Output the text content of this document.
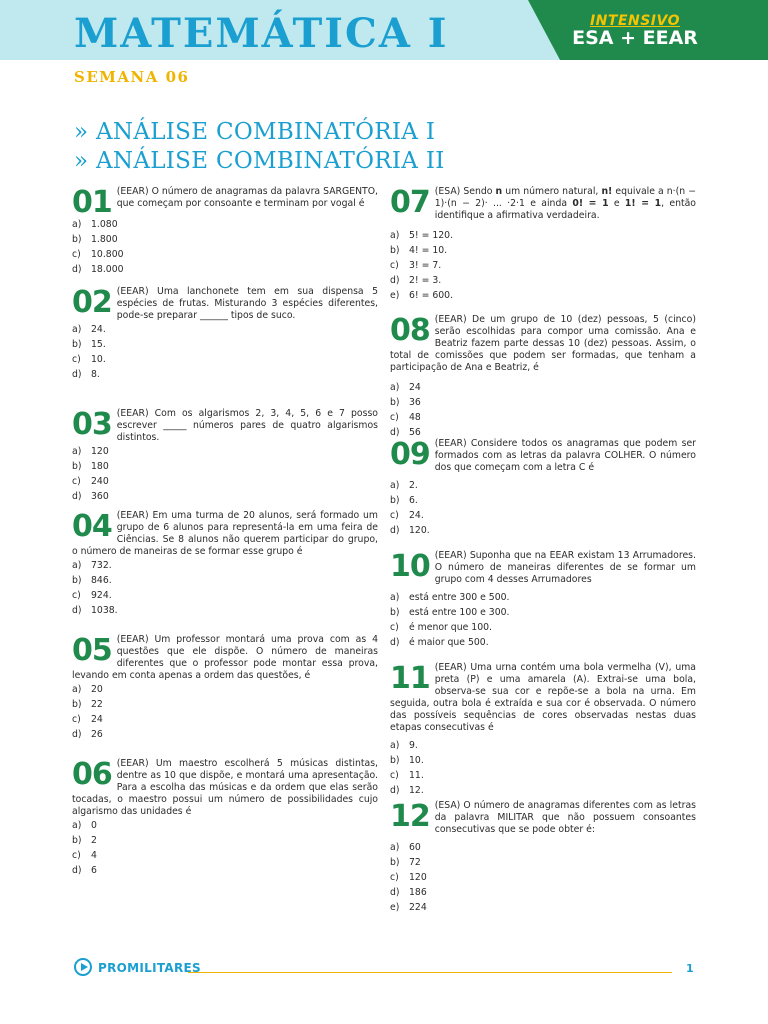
INTENSIVO
ESA + EEAR
MATEMÁTICA I
SEMANA 06
» ANÁLISE COMBINATÓRIA I
» ANÁLISE COMBINATÓRIA II
01 (EEAR) O número de anagramas da palavra SARGENTO, que começam por consoante e terminam por vogal é
a) 1.080
b) 1.800
c) 10.800
d) 18.000
02 (EEAR) Uma lanchonete tem em sua dispensa 5 espécies de frutas. Misturando 3 espécies diferentes, pode-se preparar ______ tipos de suco.
a) 24.
b) 15.
c) 10.
d) 8.
03 (EEAR) Com os algarismos 2, 3, 4, 5, 6 e 7 posso escrever _____ números pares de quatro algarismos distintos.
a) 120
b) 180
c) 240
d) 360
04 (EEAR) Em uma turma de 20 alunos, será formado um grupo de 6 alunos para representá-la em uma feira de Ciências. Se 8 alunos não querem participar do grupo, o número de maneiras de se formar esse grupo é
a) 732.
b) 846.
c) 924.
d) 1038.
05 (EEAR) Um professor montará uma prova com as 4 questões que ele dispõe. O número de maneiras diferentes que o professor pode montar essa prova, levando em conta apenas a ordem das questões, é
a) 20
b) 22
c) 24
d) 26
06 (EEAR) Um maestro escolherá 5 músicas distintas, dentre as 10 que dispõe, e montará uma apresentação. Para a escolha das músicas e da ordem que elas serão tocadas, o maestro possui um número de possibilidades cujo algarismo das unidades é
a) 0
b) 2
c) 4
d) 6
07 (ESA) Sendo n um número natural, n! equivale a n·(n − 1)·(n − 2)· ... ·2·1 e ainda 0! = 1 e 1! = 1, então identifique a afirmativa verdadeira.
a) 5! = 120.
b) 4! = 10.
c) 3! = 7.
d) 2! = 3.
e) 6! = 600.
08 (EEAR) De um grupo de 10 (dez) pessoas, 5 (cinco) serão escolhidas para compor uma comissão. Ana e Beatriz fazem parte dessas 10 (dez) pessoas. Assim, o total de comissões que podem ser formadas, que tenham a participação de Ana e Beatriz, é
a) 24
b) 36
c) 48
d) 56
09 (EEAR) Considere todos os anagramas que podem ser formados com as letras da palavra COLHER. O número dos que começam com a letra C é
a) 2.
b) 6.
c) 24.
d) 120.
10 (EEAR) Suponha que na EEAR existam 13 Arrumadores. O número de maneiras diferentes de se formar um grupo com 4 desses Arrumadores
a) está entre 300 e 500.
b) está entre 100 e 300.
c) é menor que 100.
d) é maior que 500.
11 (EEAR) Uma urna contém uma bola vermelha (V), uma preta (P) e uma amarela (A). Extrai-se uma bola, observa-se sua cor e repõe-se a bola na urna. Em seguida, outra bola é extraída e sua cor é observada. O número das possíveis sequências de cores observadas nestas duas etapas consecutivas é
a) 9.
b) 10.
c) 11.
d) 12.
12 (ESA) O número de anagramas diferentes com as letras da palavra MILITAR que não possuem consoantes consecutivas que se pode obter é:
a) 60
b) 72
c) 120
d) 186
e) 224
PROMILITARES	1
